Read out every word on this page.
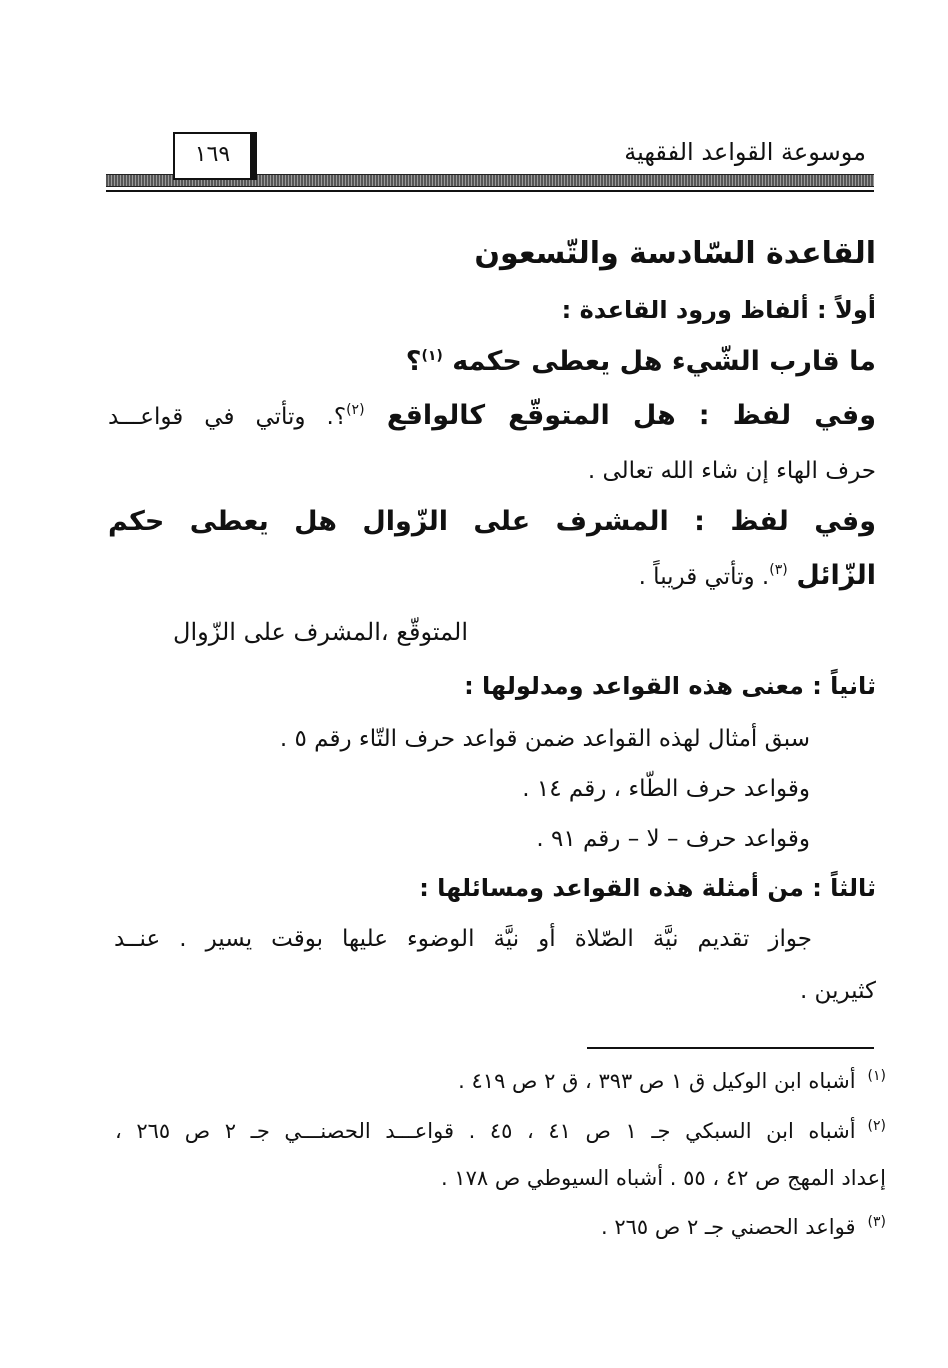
موسوعة القواعد الفقهية
١٦٩
القاعدة السّادسة والتّسعون
أولاً : ألفاظ ورود القاعدة :
ما قارب الشّيء هل يعطى حكمه $^{(١)}$؟
وفي لفظ : هل المتوقّع كالواقع $^{(٢)}$؟. وتأتي في قواعـــد
حرف الهاء إن شاء الله تعالى .
وفي لفظ : المشرف على الزّوال هل يعطى حكم
الزّائل $^{(٣)}$. وتأتي قريباً .
المتوقّع ،المشرف على الزّوال
ثانياً : معنى هذه القواعد ومدلولها :
سبق أمثال لهذه القواعد ضمن قواعد حرف التّاء رقم ٥ .
وقواعد حرف الطّاء ، رقم ١٤ .
وقواعد حرف – لا – رقم ٩١ .
ثالثاً : من أمثلة هذه القواعد ومسائلها :
جواز تقديم نيَّة الصّلاة أو نيَّة الوضوء عليها بوقت يسير . عنــد
كثيرين .
$^{(١)}$أشباه ابن الوكيل ق ١ ص ٣٩٣ ، ق ٢ ص ٤١٩ .
$^{(٢)}$أشباه ابن السبكي جـ ١ ص ٤١ ، ٤٥ . قواعـــد الحصنـــي جـ ٢ ص ٢٦٥ ،
إعداد المهج ص ٤٢ ، ٥٥ . أشباه السيوطي ص ١٧٨ .
$^{(٣)}$قواعد الحصني جـ ٢ ص ٢٦٥ .
